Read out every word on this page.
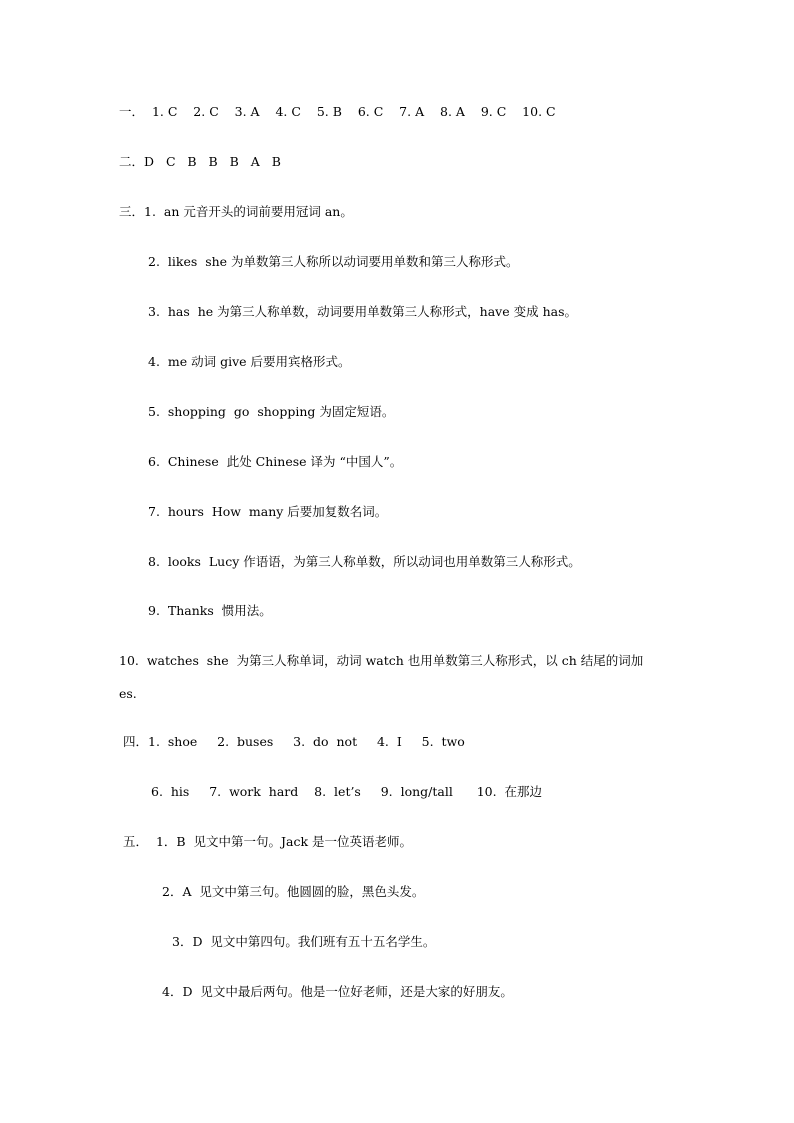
一．  1. C    2. C    3. A    4. C    5. B    6. C    7. A    8. A    9. C    10. C
二．D   C   B   B   B   A   B
三．1.  an 元音开头的词前要用冠词 an。
2.  likes  she 为单数第三人称所以动词要用单数和第三人称形式。
3.  has  he 为第三人称单数，动词要用单数第三人称形式，have 变成 has。
4.  me 动词 give 后要用宾格形式。
5.  shopping  go  shopping 为固定短语。
6.  Chinese  此处 Chinese 译为 “中国人”。
7.  hours  How  many 后要加复数名词。
8.  looks  Lucy 作语语，为第三人称单数，所以动词也用单数第三人称形式。
9.  Thanks  惯用法。
10.  watches  she  为第三人称单词，动词 watch 也用单数第三人称形式，以 ch 结尾的词加
es.
四．1.  shoe     2.  buses     3.  do  not     4.  I     5.  two
6.  his     7.  work  hard    8.  let’s     9.  long/tall      10.  在那边
五．  1．B  见文中第一句。Jack 是一位英语老师。
2．A  见文中第三句。他圆圆的脸，黑色头发。
3．D  见文中第四句。我们班有五十五名学生。
4．D  见文中最后两句。他是一位好老师，还是大家的好朋友。
